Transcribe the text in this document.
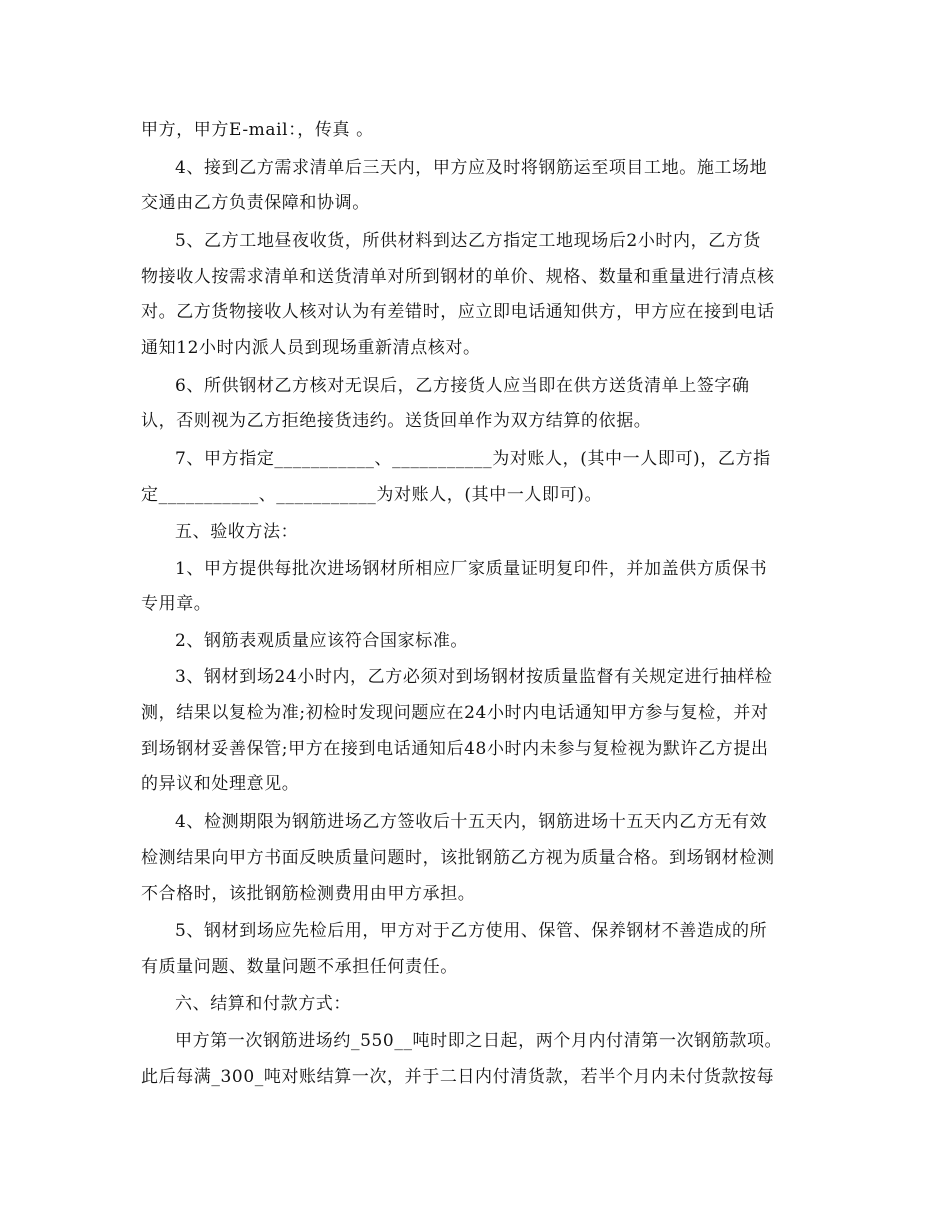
甲方，甲方E-mail：，传真 。
4、接到乙方需求清单后三天内，甲方应及时将钢筋运至项目工地。施工场地
交通由乙方负责保障和协调。
5、乙方工地昼夜收货，所供材料到达乙方指定工地现场后2小时内，乙方货
物接收人按需求清单和送货清单对所到钢材的单价、规格、数量和重量进行清点核
对。乙方货物接收人核对认为有差错时，应立即电话通知供方，甲方应在接到电话
通知12小时内派人员到现场重新清点核对。
6、所供钢材乙方核对无误后，乙方接货人应当即在供方送货清单上签字确
认，否则视为乙方拒绝接货违约。送货回单作为双方结算的依据。
7、甲方指定___________、___________为对账人，(其中一人即可)，乙方指
定___________、___________为对账人，(其中一人即可)。
五、验收方法：
1、甲方提供每批次进场钢材所相应厂家质量证明复印件，并加盖供方质保书
专用章。
2、钢筋表观质量应该符合国家标准。
3、钢材到场24小时内，乙方必须对到场钢材按质量监督有关规定进行抽样检
测，结果以复检为准;初检时发现问题应在24小时内电话通知甲方参与复检，并对
到场钢材妥善保管;甲方在接到电话通知后48小时内未参与复检视为默许乙方提出
的异议和处理意见。
4、检测期限为钢筋进场乙方签收后十五天内，钢筋进场十五天内乙方无有效
检测结果向甲方书面反映质量问题时，该批钢筋乙方视为质量合格。到场钢材检测
不合格时，该批钢筋检测费用由甲方承担。
5、钢材到场应先检后用，甲方对于乙方使用、保管、保养钢材不善造成的所
有质量问题、数量问题不承担任何责任。
六、结算和付款方式：
甲方第一次钢筋进场约_550__吨时即之日起，两个月内付清第一次钢筋款项。
此后每满_300_吨对账结算一次，并于二日内付清货款，若半个月内未付货款按每
